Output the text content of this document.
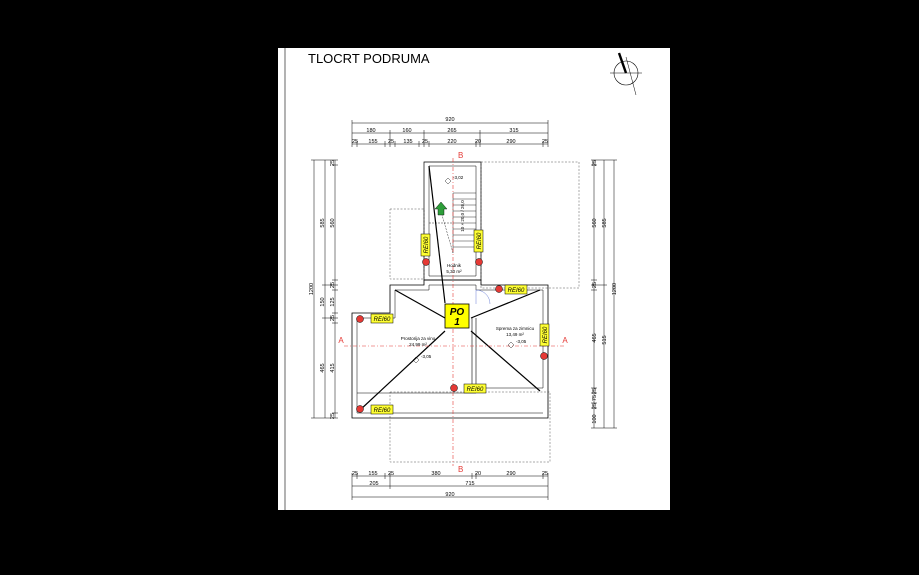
TLOCRT PODRUMA
920
180	160	265	315
25 155 25 135 25	220	20	290	25
25 155 25	380	20	290	25
205	715
920
1200
585
150
465
25
560
25
125
25
415
25
1200
585
515
25
560
25
465
25
75
25
100
10 × 20,0 / 26,0
A	A
B
B
Hodnik
5,30 m²
Prostorija za vino
24,99 m²
Sprema za zimnicu
13,49 m²
-3,02
-3,05
-3,05
PO
1
REI60
REI60
REI60
REI60
REI60	REI60
REI60
